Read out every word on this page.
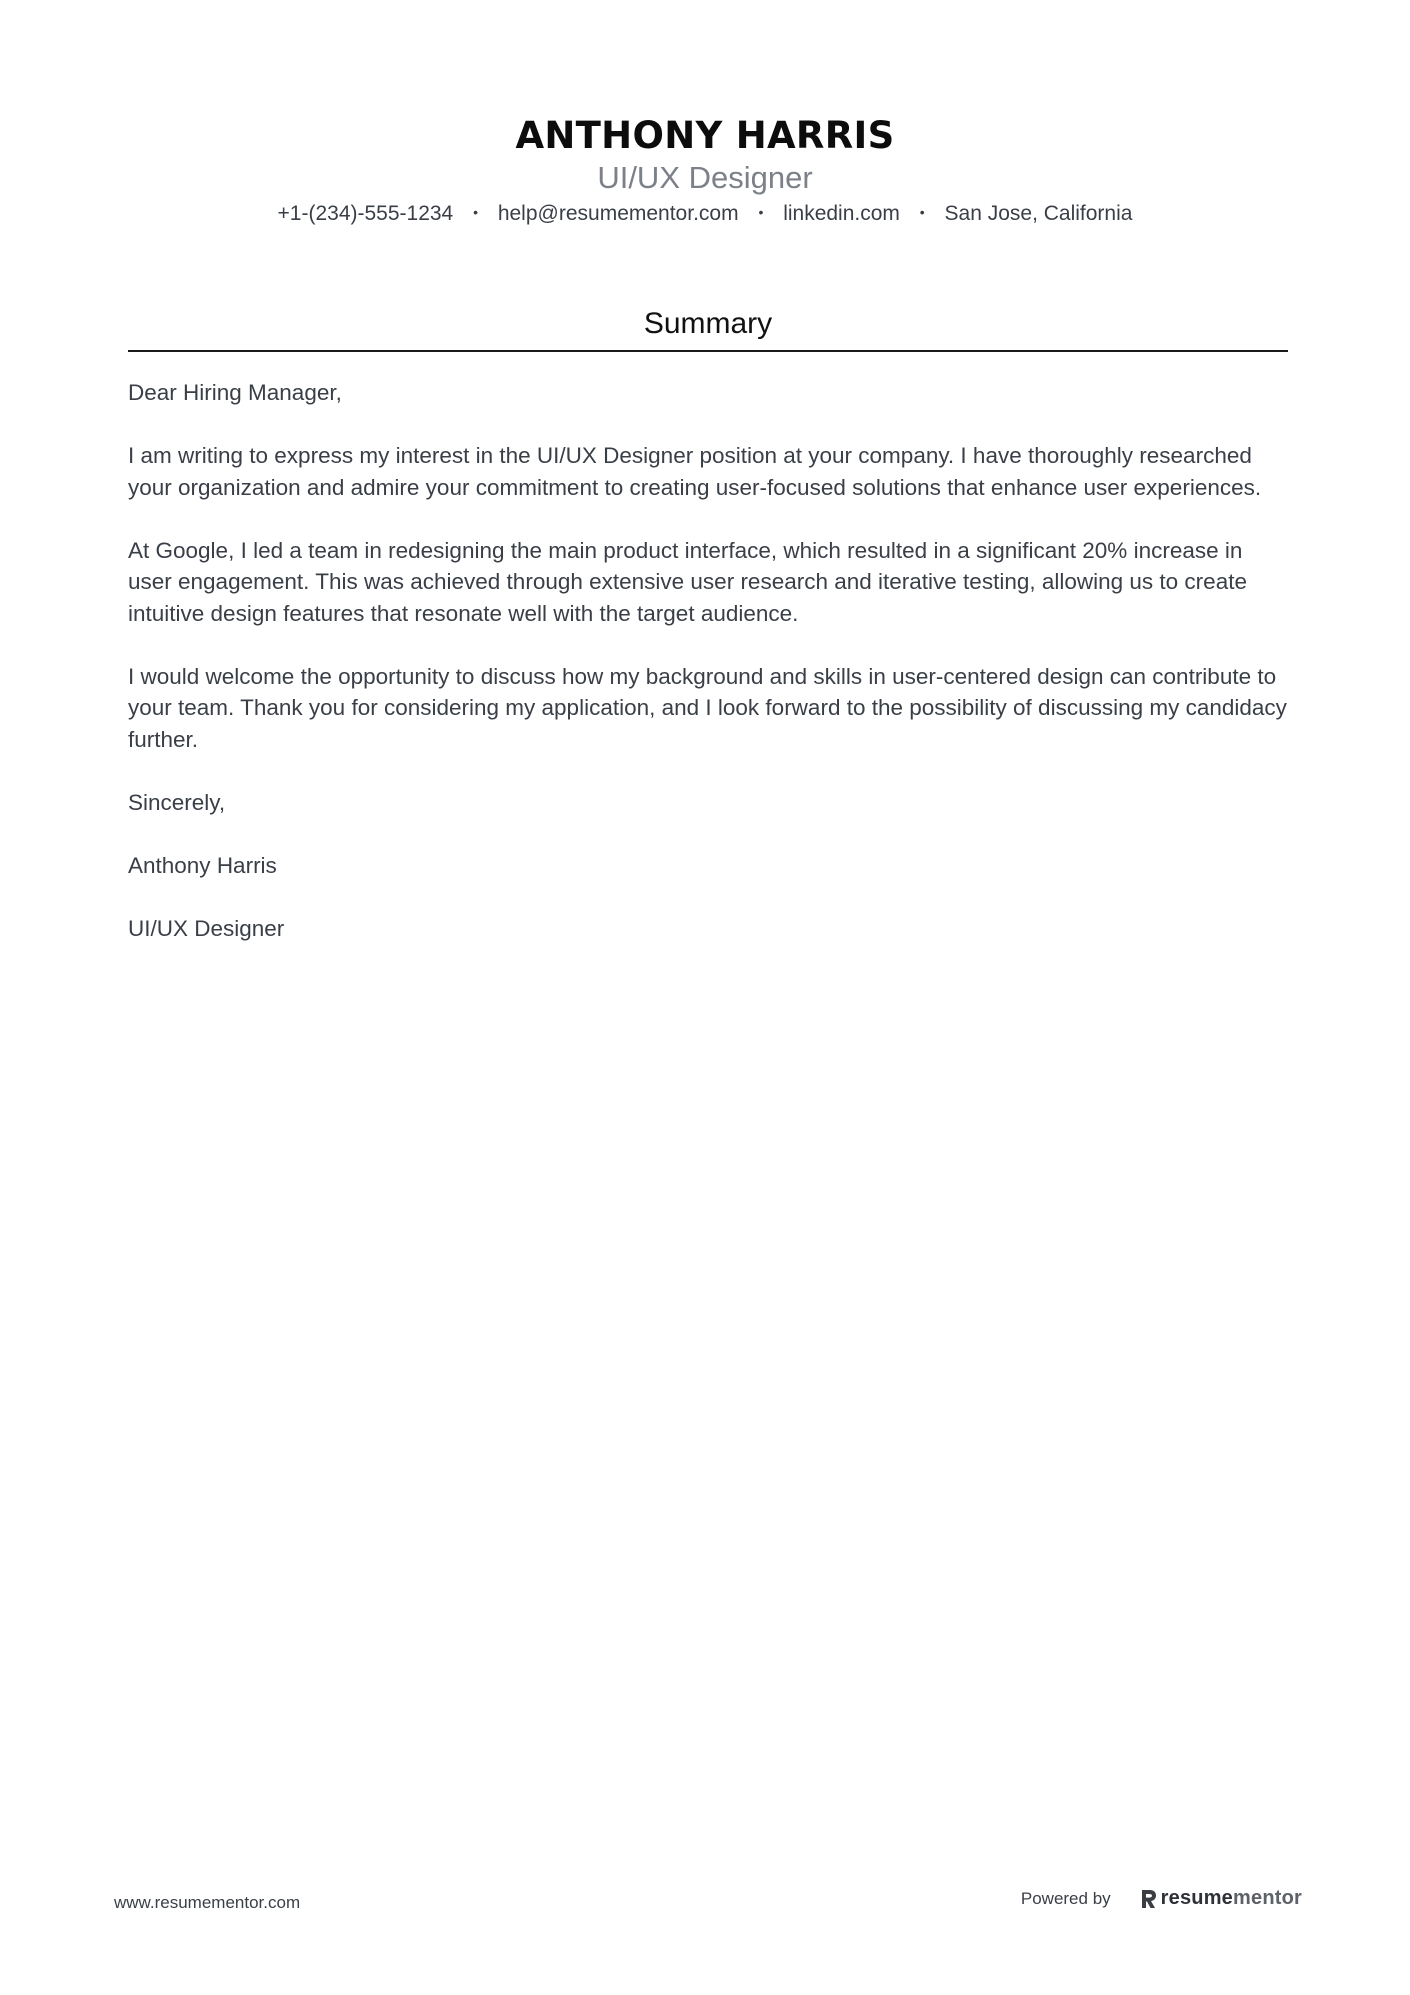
ANTHONY HARRIS
UI/UX Designer
+1-(234)-555-1234 • help@resumementor.com • linkedin.com • San Jose, California
Summary

Dear Hiring Manager,

I am writing to express my interest in the UI/UX Designer position at your company. I have thoroughly researched your organization and admire your commitment to creating user-focused solutions that enhance user experiences.

At Google, I led a team in redesigning the main product interface, which resulted in a significant 20% increase in user engagement. This was achieved through extensive user research and iterative testing, allowing us to create intuitive design features that resonate well with the target audience.

I would welcome the opportunity to discuss how my background and skills in user-centered design can contribute to your team. Thank you for considering my application, and I look forward to the possibility of discussing my candidacy further.

Sincerely,

Anthony Harris

UI/UX Designer

www.resumementor.com	Powered by	resume mentor
